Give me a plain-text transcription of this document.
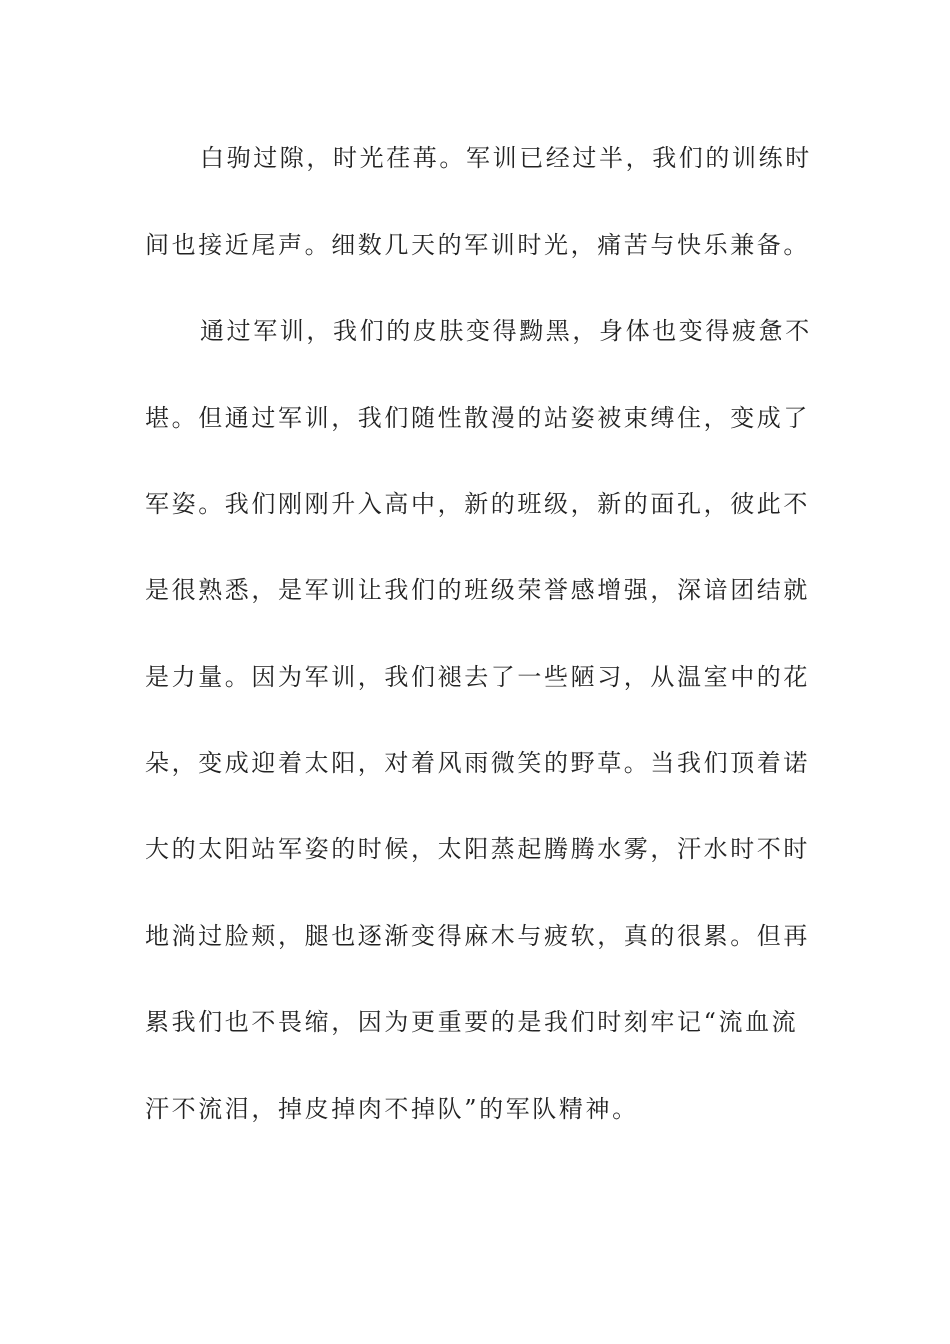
白驹过隙，时光荏苒。军训已经过半，我们的训练时
间也接近尾声。细数几天的军训时光，痛苦与快乐兼备。
通过军训，我们的皮肤变得黝黑，身体也变得疲惫不
堪。但通过军训，我们随性散漫的站姿被束缚住，变成了
军姿。我们刚刚升入高中，新的班级，新的面孔，彼此不
是很熟悉，是军训让我们的班级荣誉感增强，深谙团结就
是力量。因为军训，我们褪去了一些陋习，从温室中的花
朵，变成迎着太阳，对着风雨微笑的野草。当我们顶着诺
大的太阳站军姿的时候，太阳蒸起腾腾水雾，汗水时不时
地淌过脸颊，腿也逐渐变得麻木与疲软，真的很累。但再
累我们也不畏缩，因为更重要的是我们时刻牢记“流血流
汗不流泪，掉皮掉肉不掉队”的军队精神。
